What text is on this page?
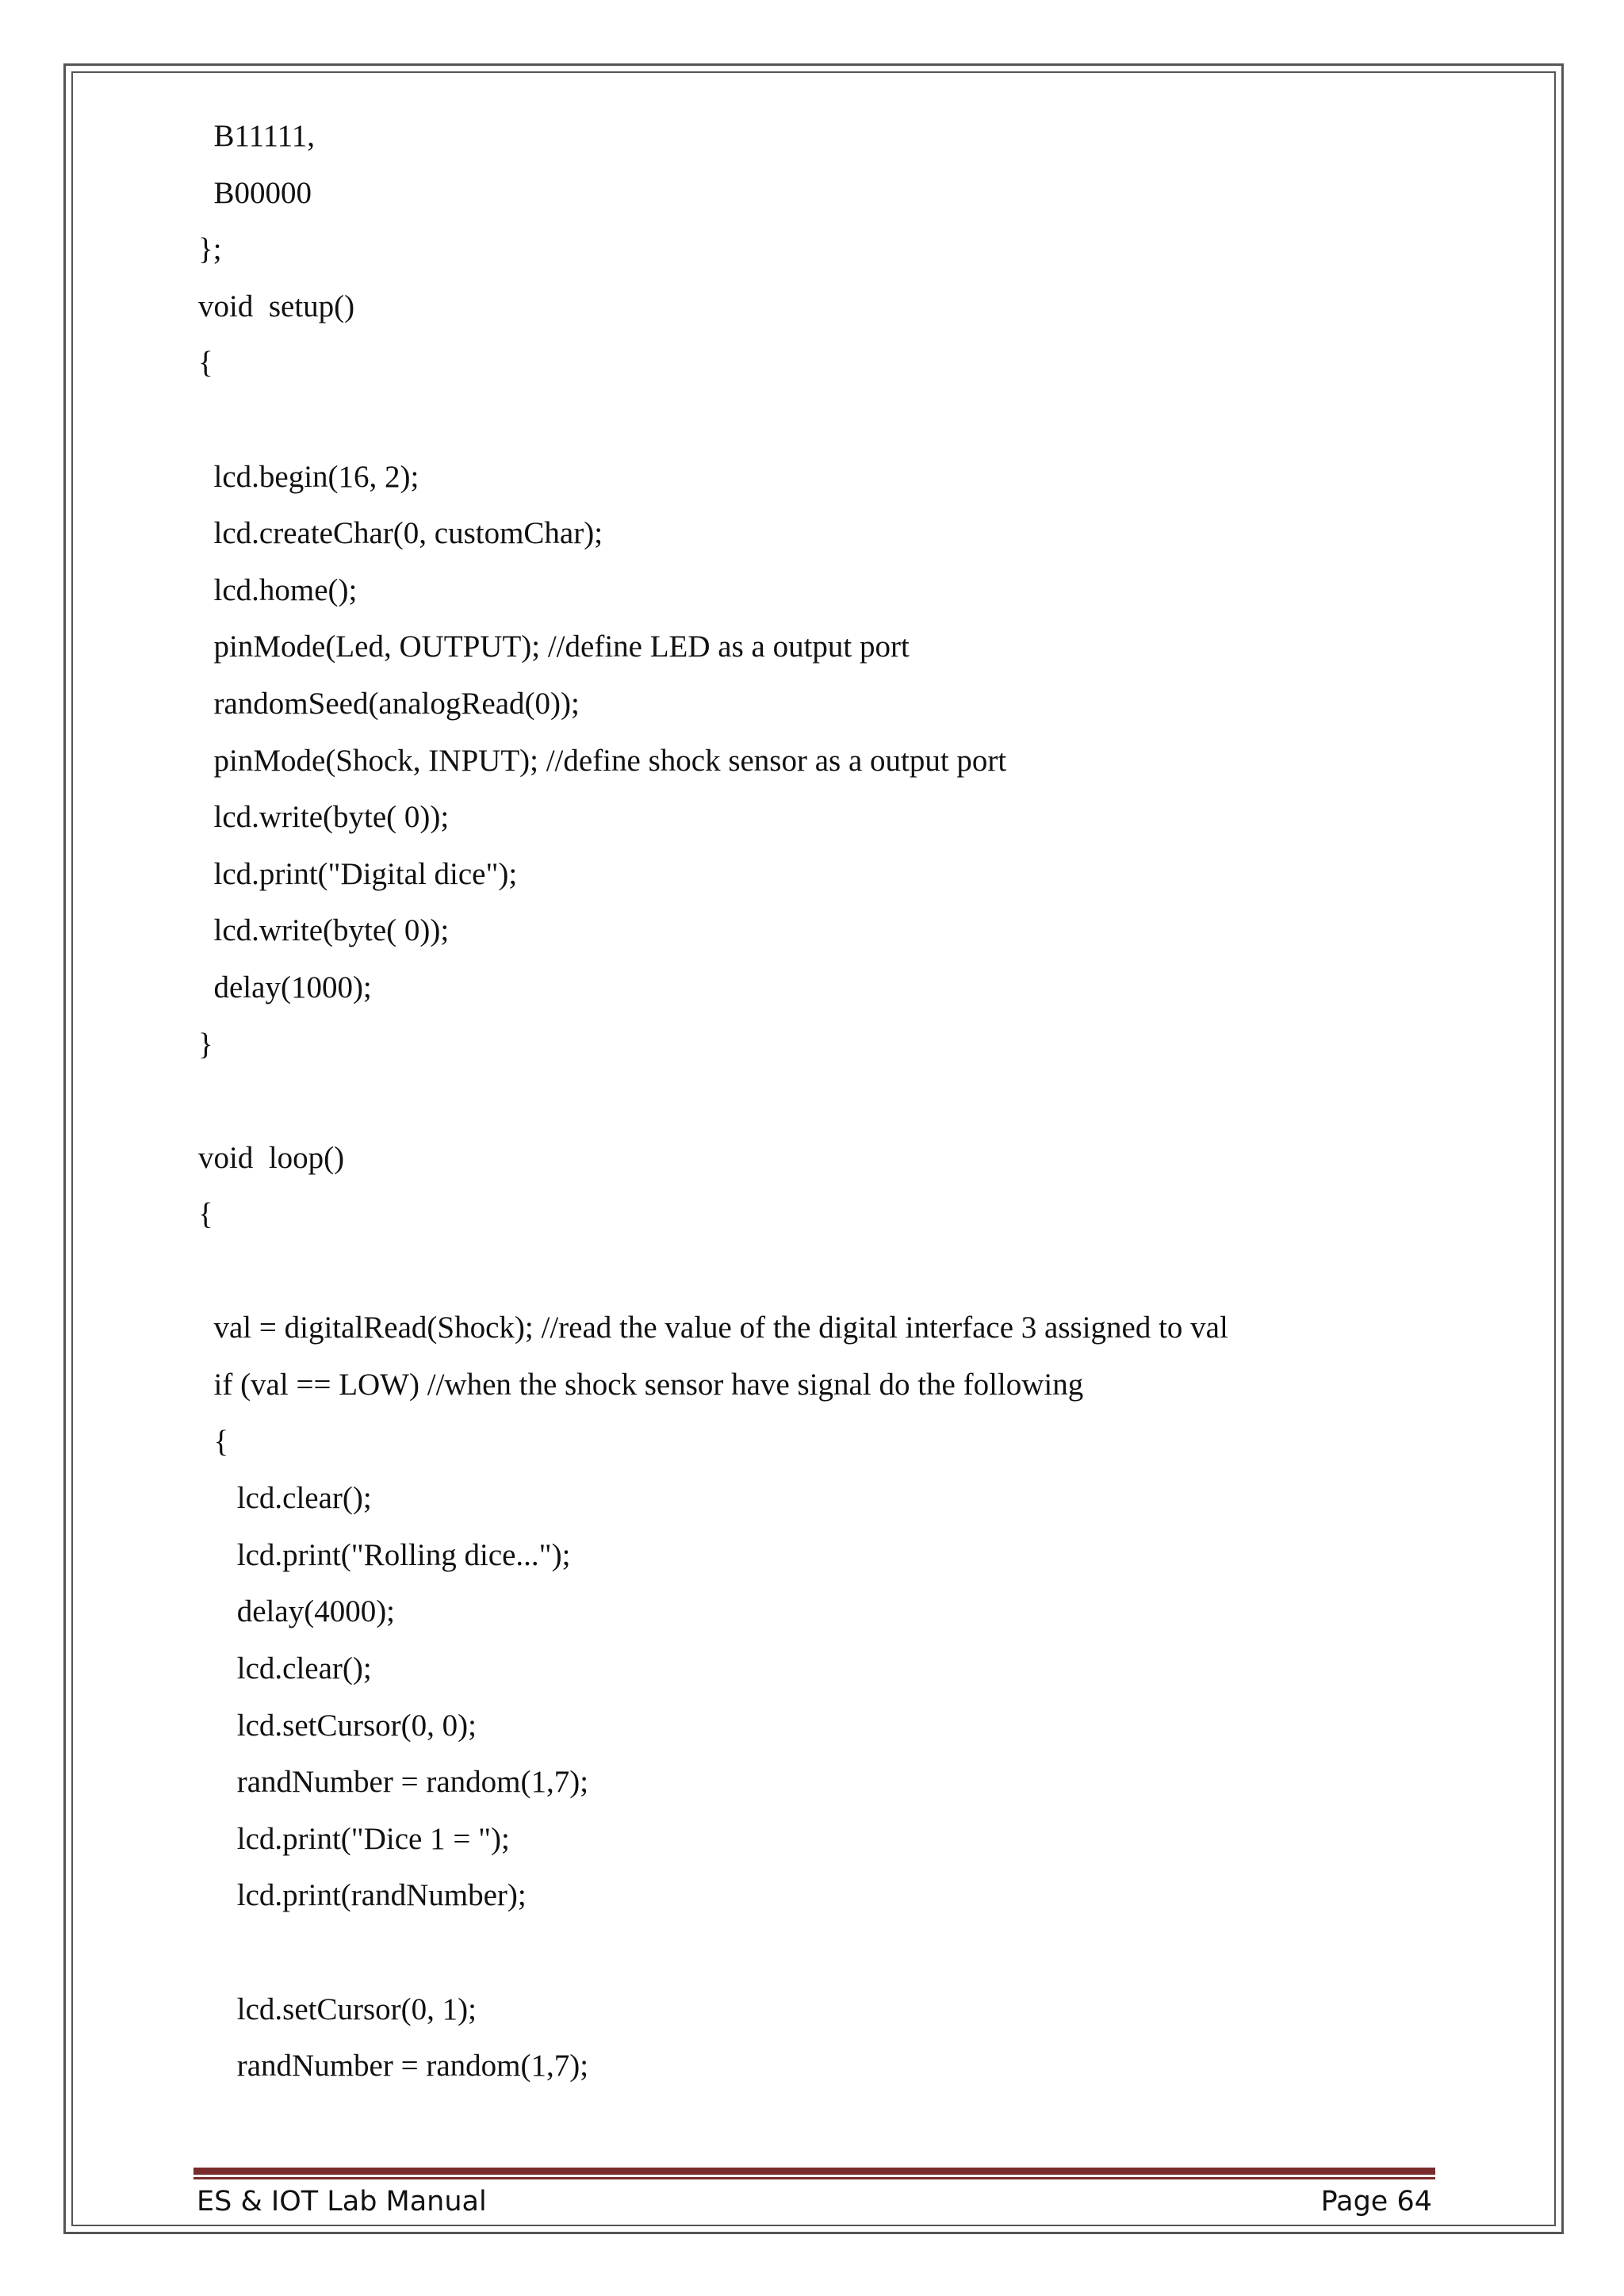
B11111,
B00000
};
void  setup()
{
lcd.begin(16, 2);
lcd.createChar(0, customChar);
lcd.home();
pinMode(Led, OUTPUT); //define LED as a output port
randomSeed(analogRead(0));
pinMode(Shock, INPUT); //define shock sensor as a output port
lcd.write(byte( 0));
lcd.print("Digital dice");
lcd.write(byte( 0));
delay(1000);
}
void  loop()
{
val = digitalRead(Shock); //read the value of the digital interface 3 assigned to val
if (val == LOW) //when the shock sensor have signal do the following
{
lcd.clear();
lcd.print("Rolling dice...");
delay(4000);
lcd.clear();
lcd.setCursor(0, 0);
randNumber = random(1,7);
lcd.print("Dice 1 = ");
lcd.print(randNumber);
lcd.setCursor(0, 1);
randNumber = random(1,7);
ES & IOT Lab Manual	Page 64
